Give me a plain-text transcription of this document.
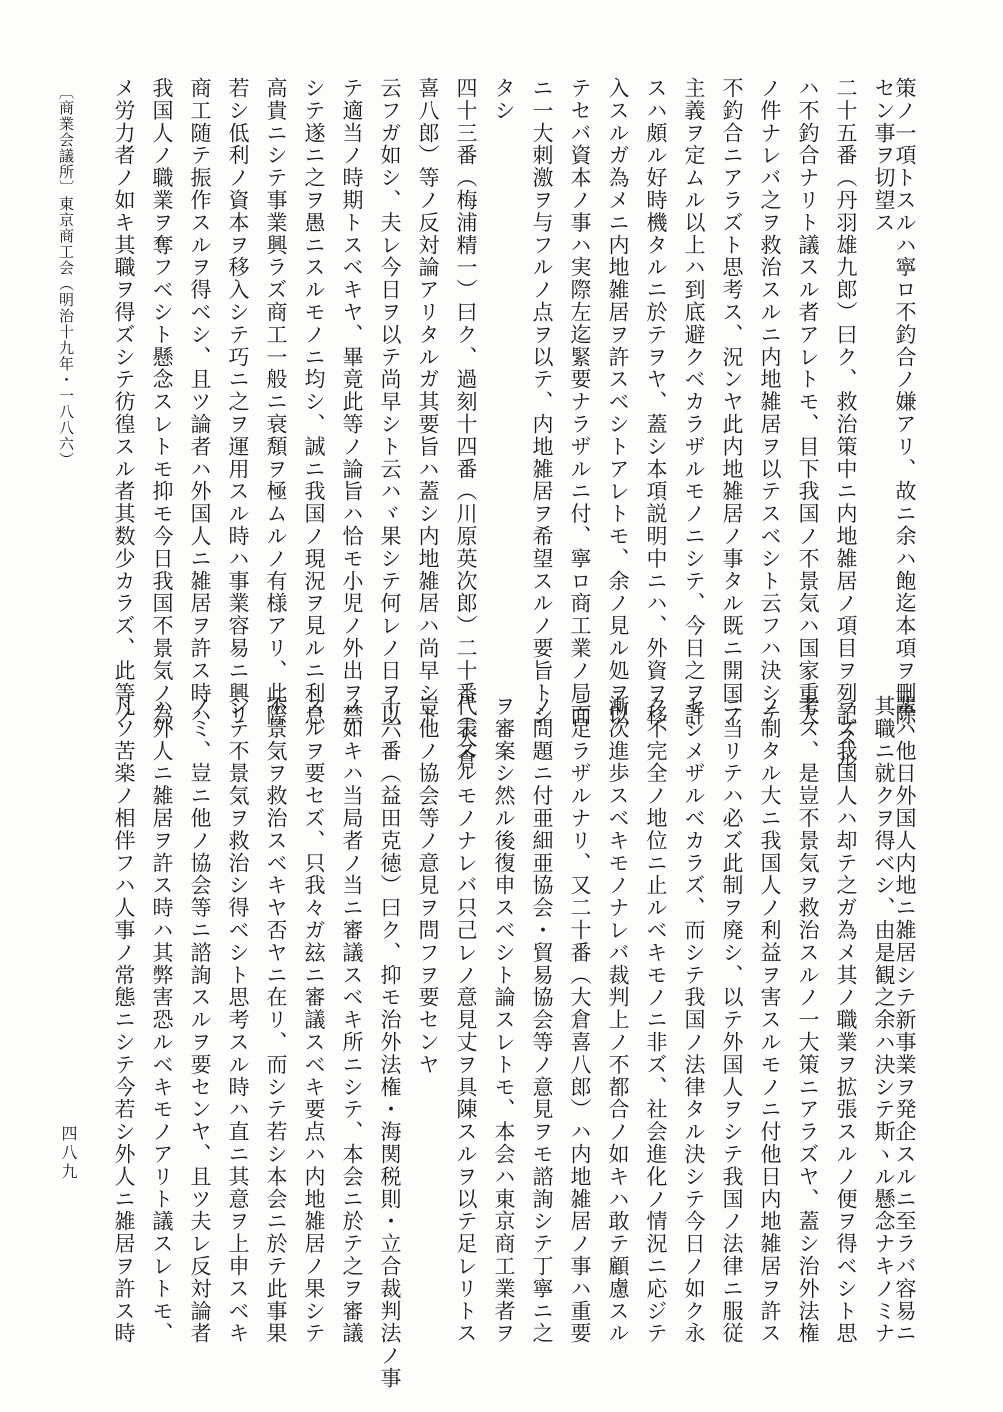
策ノ一項トスルハ寧ロ不釣合ノ嫌アリ、故ニ余ハ飽迄本項ヲ刪除
セン事ヲ切望ス
二十五番（丹羽雄九郎）曰ク、救治策中ニ内地雑居ノ項目ヲ列記スル
ハ不釣合ナリト議スル者アレトモ、目下我国ノ不景気ハ国家重大
ノ件ナレバ之ヲ救治スルニ内地雑居ヲ以テスベシト云フハ決シテ
不釣合ニアラズト思考ス、況ンヤ此内地雑居ノ事タル既ニ開国ノ
主義ヲ定ムル以上ハ到底避クベカラザルモノニシテ、今日之ヲ許
スハ頗ル好時機タルニ於テヲヤ、蓋シ本項説明中ニハ、外資ヲ移
入スルガ為メニ内地雑居ヲ許スベシトアレトモ、余ノ見ル処ヲ以
テセバ資本ノ事ハ実際左迄緊要ナラザルニ付、寧ロ商工業ノ局面
ニ一大刺激ヲ与フルノ点ヲ以テ、内地雑居ヲ希望スルノ要旨トシ
タシ
四十三番（梅浦精一）曰ク、過刻十四番（川原英次郎）二十番（大倉
喜八郎）等ノ反対論アリタルガ其要旨ハ蓋シ内地雑居ハ尚早シト
云フガ如シ、夫レ今日ヲ以テ尚早シト云ハヾ果シテ何レノ日ヲ以
テ適当ノ時期トスベキヤ、畢竟此等ノ論旨ハ恰モ小児ノ外出ヲ禁
シテ遂ニ之ヲ愚ニスルモノニ均シ、誠ニ我国ノ現況ヲ見ルニ利息
高貴ニシテ事業興ラズ商工一般ニ衰頽ヲ極ムルノ有様アリ、此際
若シ低利ノ資本ヲ移入シテ巧ニ之ヲ運用スル時ハ事業容易ニ興リ
商工随テ振作スルヲ得ベシ、且ツ論者ハ外国人ニ雑居ヲ許ス時ハ
我国人ノ職業ヲ奪フベシト懸念スレトモ抑モ今日我国不景気ノ為
メ労力者ノ如キ其職ヲ得ズシテ彷徨スル者其数少カラズ、此等ノ
輩ハ他日外国人内地ニ雑居シテ新事業ヲ発企スルニ至ラバ容易ニ
其職ニ就クヲ得ベシ、由是観之余ハ決シテ斯ヽル懸念ナキノミナ
ラズ我国人ハ却テ之ガ為メ其ノ職業ヲ拡張スルノ便ヲ得ベシト思
考ス、是豈不景気ヲ救治スルノ一大策ニアラズヤ、蓋シ治外法権
ノ制タル大ニ我国人ノ利益ヲ害スルモノニ付他日内地雑居ヲ許ス
ニ当リテハ必ズ此制ヲ廃シ、以テ外国人ヲシテ我国ノ法律ニ服従
セシメザルベカラズ、而シテ我国ノ法律タル決シテ今日ノ如ク永
ク不完全ノ地位ニ止ルベキモノニ非ズ、社会進化ノ情況ニ応ジテ
漸次進歩スベキモノナレバ裁判上ノ不都合ノ如キハ敢テ顧慮スル
ニ足ラザルナリ、又二十番（大倉喜八郎）ハ内地雑居ノ事ハ重要
ノ問題ニ付亜細亜協会・貿易協会等ノ意見ヲモ諮詢シテ丁寧ニ之
ヲ審案シ然ル後復申スベシト論スレトモ、本会ハ東京商工業者ヲ
代表スルモノナレバ只己レノ意見丈ヲ具陳スルヲ以テ足レリトス
豈他ノ協会等ノ意見ヲ問フヲ要センヤ
十六番（益田克徳）曰ク、抑モ治外法権・海関税則・立合裁判法ノ事
ノ如キハ当局者ノ当ニ審議スベキ所ニシテ、本会ニ於テ之ヲ審議
スルヲ要セズ、只我々ガ玆ニ審議スベキ要点ハ内地雑居ノ果シテ
不景気ヲ救治スベキヤ否ヤニ在リ、而シテ若シ本会ニ於テ此事果
シテ不景気ヲ救治シ得ベシト思考スル時ハ直ニ其意ヲ上申スベキ
ノミ、豈ニ他ノ協会等ニ諮詢スルヲ要センヤ、且ツ夫レ反対論者
ハ外人ニ雑居ヲ許ス時ハ其弊害恐ルベキモノアリト議スレトモ、
凡ソ苦楽ノ相伴フハ人事ノ常態ニシテ今若シ外人ニ雑居ヲ許ス時
〔商業会議所〕東京商工会（明治十九年・一八八六）
四八九
